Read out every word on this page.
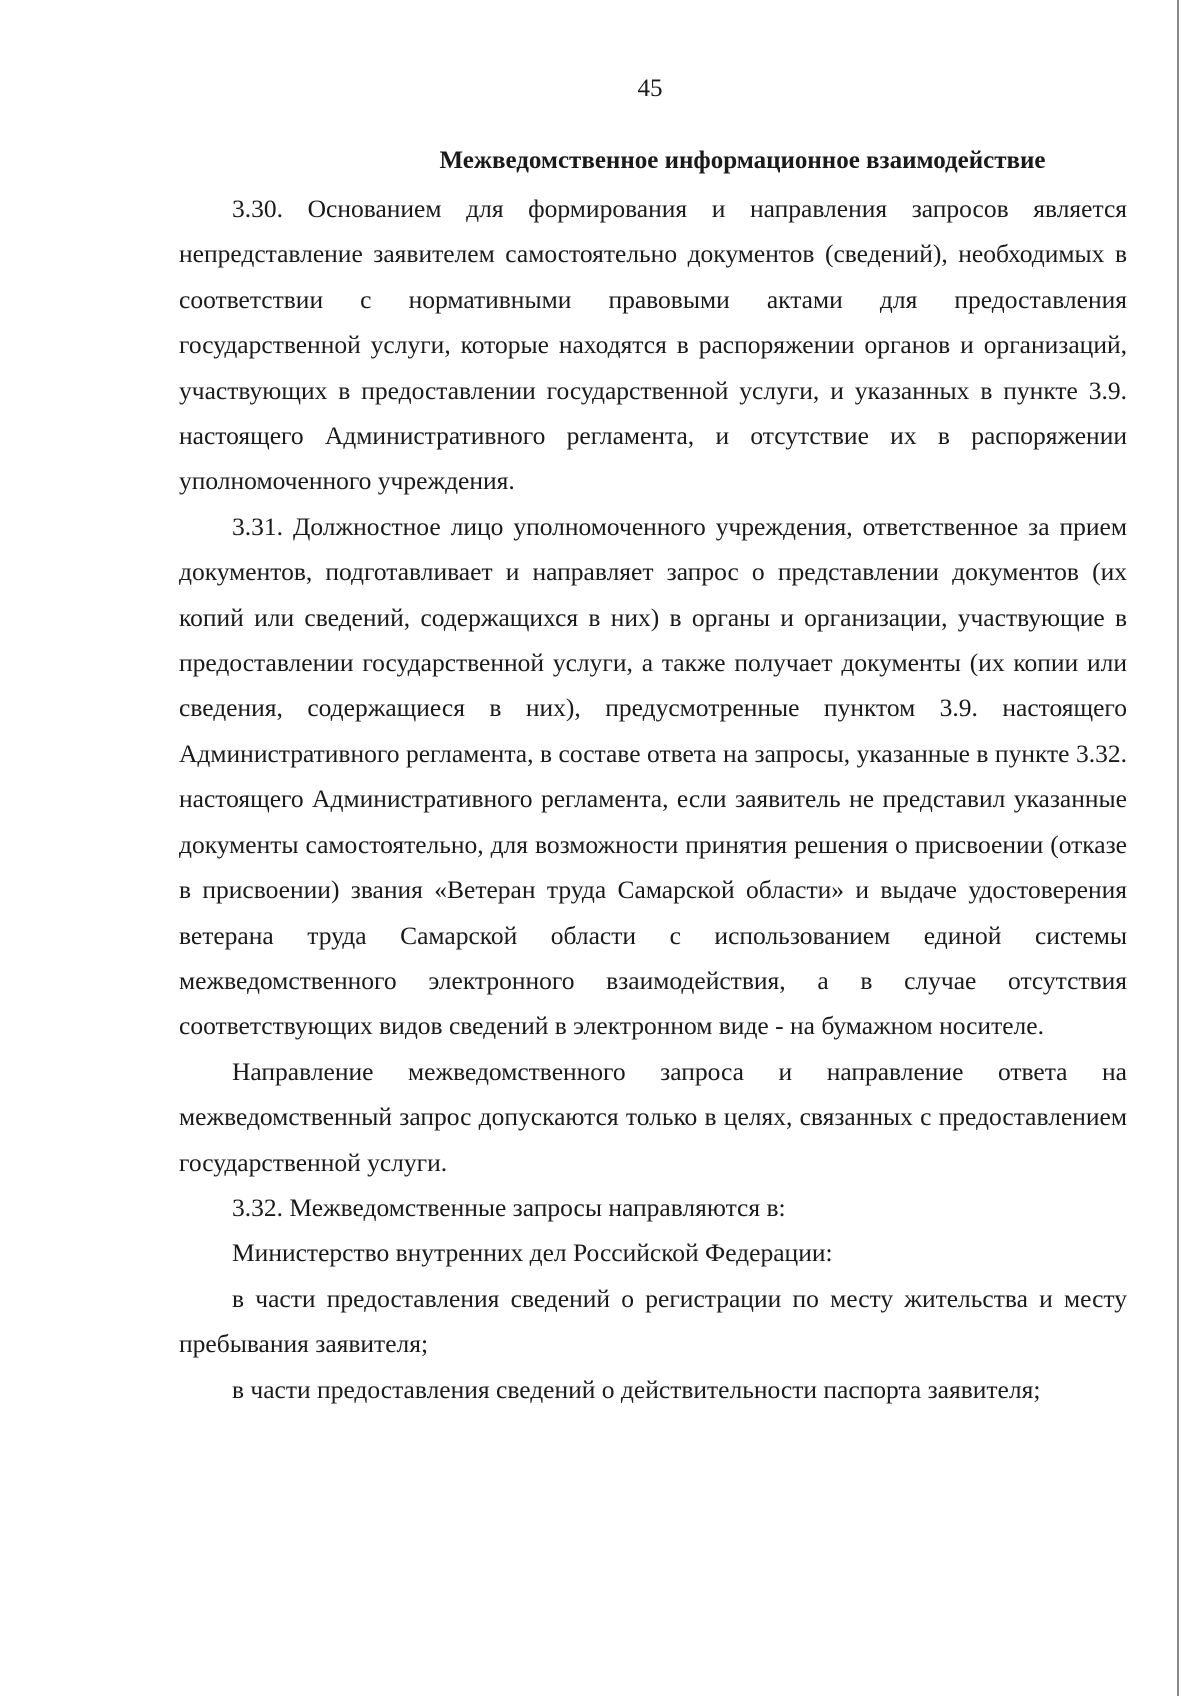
45
Межведомственное информационное взаимодействие

3.30. Основанием для формирования и направления запросов является непредставление заявителем самостоятельно документов (сведений), необходимых в соответствии с нормативными правовыми актами для предоставления государственной услуги, которые находятся в распоряжении органов и организаций, участвующих в предоставлении государственной услуги, и указанных в пункте 3.9. настоящего Административного регламента, и отсутствие их в распоряжении уполномоченного учреждения.

3.31. Должностное лицо уполномоченного учреждения, ответственное за прием документов, подготавливает и направляет запрос о представлении документов (их копий или сведений, содержащихся в них) в органы и организации, участвующие в предоставлении государственной услуги, а также получает документы (их копии или сведения, содержащиеся в них), предусмотренные пунктом 3.9. настоящего Административного регламента, в составе ответа на запросы, указанные в пункте 3.32. настоящего Административного регламента, если заявитель не представил указанные документы самостоятельно, для возможности принятия решения о присвоении (отказе в присвоении) звания «Ветеран труда Самарской области» и выдаче удостоверения ветерана труда Самарской области с использованием единой системы межведомственного электронного взаимодействия, а в случае отсутствия соответствующих видов сведений в электронном виде - на бумажном носителе.

Направление межведомственного запроса и направление ответа на межведомственный запрос допускаются только в целях, связанных с предоставлением государственной услуги.

3.32. Межведомственные запросы направляются в:

Министерство внутренних дел Российской Федерации:

в части предоставления сведений о регистрации по месту жительства и месту пребывания заявителя;

в части предоставления сведений о действительности паспорта заявителя;
